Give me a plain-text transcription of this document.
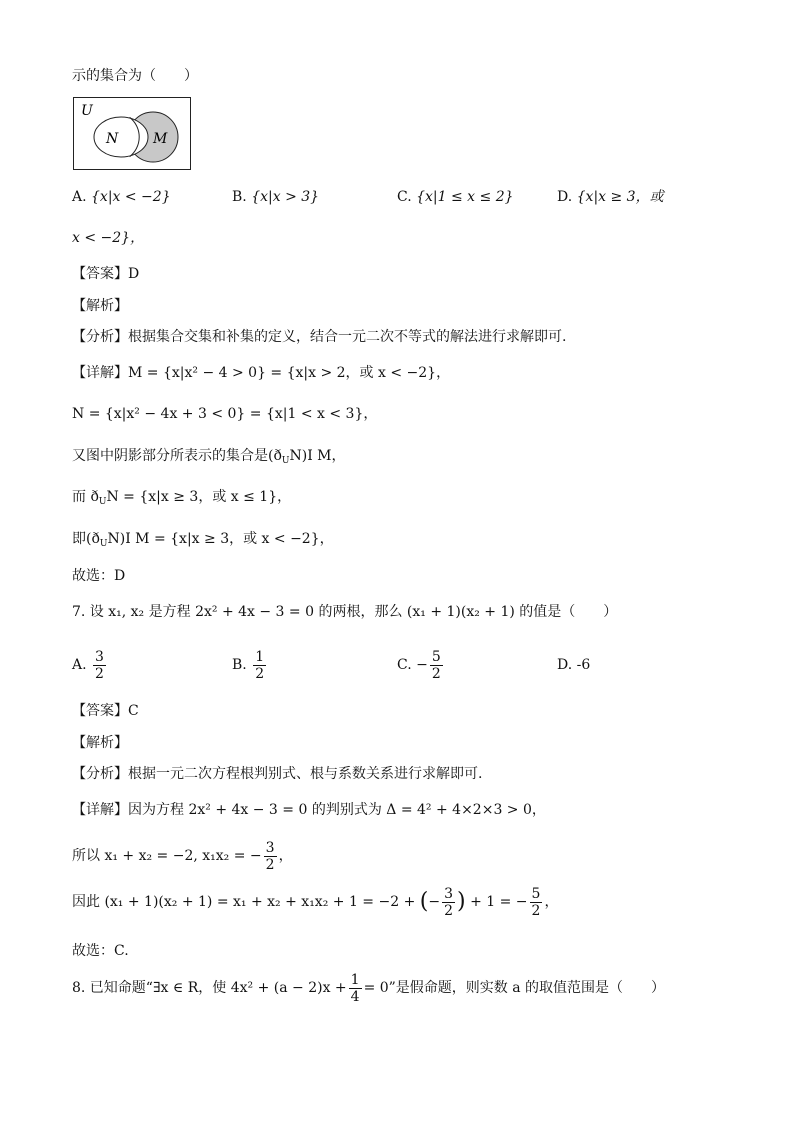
示的集合为（　　）
U
N M
A. {x|x < −2}	B. {x|x > 3}	C. {x|1 ≤ x ≤ 2}	D. {x|x ≥ 3，或
x < −2}，
【答案】D
【解析】
【分析】根据集合交集和补集的定义，结合一元二次不等式的解法进行求解即可.
【详解】M = {x|x² − 4 > 0} = {x|x > 2，或 x < −2}，
N = {x|x² − 4x + 3 < 0} = {x|1 < x < 3}，
又图中阴影部分所表示的集合是$(ð_UN)I$ M，
而 $ð_UN = \{x|x \ge 3$，或 x ≤ 1}，
即$(ð_UN)I$ M = {x|x ≥ 3，或 x < −2}，
故选：D
7. 设 x₁, x₂ 是方程 2x² + 4x − 3 = 0 的两根，那么 (x₁ + 1)(x₂ + 1) 的值是（　　）
A. $\frac{3}{2}$	B. $\frac{1}{2}$	C. − $\frac{5}{2}$	D. -6
【答案】C
【解析】
【分析】根据一元二次方程根判别式、根与系数关系进行求解即可.
【详解】因为方程 2x² + 4x − 3 = 0 的判别式为 Δ = 4² + 4×2×3 > 0，
所以 x₁ + x₂ = −2, x₁x₂ = − $\frac{3}{2}$ ，
因此 (x₁ + 1)(x₂ + 1) = x₁ + x₂ + x₁x₂ + 1 = −2 + (− $\frac{3}{2}$ ) + 1 = − $\frac{5}{2}$ ，
故选：C.
8. 已知命题“∃x ∈ R，使 $4x^2 + (a - 2)x + \frac{1}{4} = 0$”是假命题，则实数 a 的取值范围是（　　）
